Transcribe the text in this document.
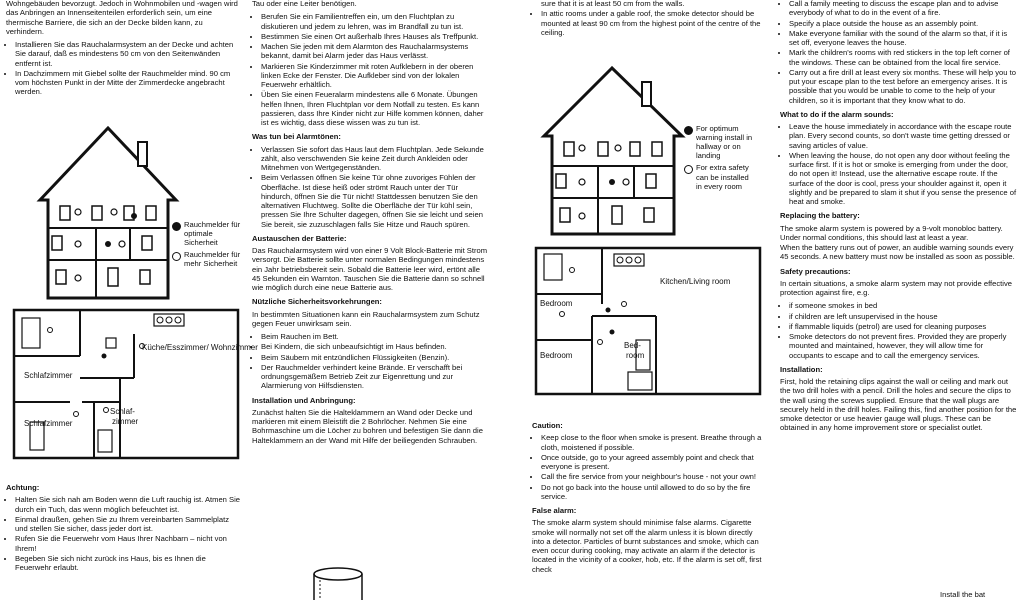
Wohngebäuden bevorzugt. Jedoch in Wohnmobilen und -wagen wird das Anbringen an Innenseitenteilen erforderlich sein, um eine thermische Barriere, die sich an der Decke bilden kann, zu verhindern.

• Installieren Sie das Rauchalarmsystem an der Decke und achten Sie darauf, daß es mindestens 50 cm von den Seitenwänden entfernt ist.
• In Dachzimmern mit Giebel sollte der Rauchmelder mind. 90 cm vom höchsten Punkt in der Mitte der Zimmerdecke angebracht werden.
Rauchmelder für optimale Sicherheit
Rauchmelder für mehr Sicherheit
Küche/Esszimmer/ Wohnzimmer
Schlafzimmer
Schlafzimmer
Schlaf-
zimmer
Achtung:
• Halten Sie sich nah am Boden wenn die Luft rauchig ist. Atmen Sie durch ein Tuch, das wenn möglich befeuchtet ist.
• Einmal draußen, gehen Sie zu Ihrem vereinbarten Sammelplatz und stellen Sie sicher, dass jeder dort ist.
• Rufen Sie die Feuerwehr vom Haus Ihrer Nachbarn – nicht von Ihrem!
• Begeben Sie sich nicht zurück ins Haus, bis es Ihnen die Feuerwehr erlaubt.

Tau oder eine Leiter benötigen.

• Berufen Sie ein Familientreffen ein, um den Fluchtplan zu diskutieren und jedem zu lehren, was im Brandfall zu tun ist.
• Bestimmen Sie einen Ort außerhalb Ihres Hauses als Treffpunkt.
• Machen Sie jeden mit dem Alarmton des Rauchalarmsystems bekannt, damit bei Alarm jeder das Haus verlässt.
• Markieren Sie Kinderzimmer mit roten Aufklebern in der oberen linken Ecke der Fenster. Die Aufkleber sind von der lokalen Feuerwehr erhältlich.
• Üben Sie einen Feueralarm mindestens alle 6 Monate. Übungen helfen Ihnen, Ihren Fluchtplan vor dem Notfall zu testen. Es kann passieren, dass Ihre Kinder nicht zur Hilfe kommen können, daher ist es wichtig, dass diese wissen was zu tun ist.
Was tun bei Alarmtönen:
• Verlassen Sie sofort das Haus laut dem Fluchtplan. Jede Sekunde zählt, also verschwenden Sie keine Zeit durch Ankleiden oder Mitnehmen von Wertgegenständen.
• Beim Verlassen öffnen Sie keine Tür ohne zuvoriges Fühlen der Oberfläche. Ist diese heiß oder strömt Rauch unter der Tür hindurch, öffnen Sie die Tür nicht! Stattdessen benutzen Sie den alternativen Fluchtweg. Sollte die Oberfläche der Tür kühl sein, pressen Sie Ihre Schulter dagegen, öffnen Sie sie leicht und seien Sie bereit, sie zuzuschlagen falls Sie Hitze und Rauch spüren.
Austauschen der Batterie:

Das Rauchalarmsystem wird von einer 9 Volt Block-Batterie mit Strom versorgt. Die Batterie sollte unter normalen Bedingungen mindestens ein Jahr betriebsbereit sein. Sobald die Batterie leer wird, ertönt alle 45 Sekunden ein Warnton. Tauschen Sie die Batterie dann so schnell wie möglich durch eine neue Batterie aus.

Nützliche Sicherheitsvorkehrungen:

In bestimmten Situationen kann ein Rauchalarmsystem zum Schutz gegen Feuer unwirksam sein.

• Beim Rauchen im Bett.
• Bei Kindern, die sich unbeaufsichtigt im Haus befinden.
• Beim Säubern mit entzündlichen Flüssigkeiten (Benzin).
• Der Rauchmelder verhindert keine Brände. Er verschafft bei ordnungsgemäßem Betrieb Zeit zur Eigenrettung und zur Alarmierung von Hilfsdiensten.
Installation und Anbringung:

Zunächst halten Sie die Halteklammern an Wand oder Decke und markieren mit einem Bleistift die 2 Bohrlöcher. Nehmen Sie eine Bohrmaschine um die Löcher zu bohren und befestigen Sie dann die Halteklammern an der Wand mit Hilfe der beiliegenden Schrauben.

sure that it is at least 50 cm from the walls.
• In attic rooms under a gable roof, the smoke detector should be mounted at least 90 cm from the highest point of the centre of the ceiling.
For optimum warning install in hallway or on landing
For extra safety can be installed in every room
Kitchen/Living room
Bedroom
Bedroom
Bed-
room
Caution:
• Keep close to the floor when smoke is present. Breathe through a cloth, moistened if possible.
• Once outside, go to your agreed assembly point and check that everyone is present.
• Call the fire service from your neighbour's house - not your own!
• Do not go back into the house until allowed to do so by the fire service.
False alarm:

The smoke alarm system should minimise false alarms. Cigarette smoke will normally not set off the alarm unless it is blown directly into a detector. Particles of burnt substances and smoke, which can even occur during cooking, may activate an alarm if the detector is located in the vicinity of a cooker, hob, etc. If the alarm is set off, first check

• Call a family meeting to discuss the escape plan and to advise everybody of what to do in the event of a fire.
• Specify a place outside the house as an assembly point.
• Make everyone familiar with the sound of the alarm so that, if it is set off, everyone leaves the house.
• Mark the children's rooms with red stickers in the top left corner of the windows. These can be obtained from the local fire service.
• Carry out a fire drill at least every six months. These will help you to put your escape plan to the test before an emergency arises. It is possible that you would be unable to come to the help of your children, so it is important that they know what to do.
What to do if the alarm sounds:
• Leave the house immediately in accordance with the escape route plan. Every second counts, so don't waste time getting dressed or saving articles of value.
• When leaving the house, do not open any door without feeling the surface first. If it is hot or smoke is emerging from under the door, do not open it! Instead, use the alternative escape route. If the surface of the door is cool, press your shoulder against it, open it slightly and be prepared to slam it shut if you sense the presence of heat and smoke.
Replacing the battery:

The smoke alarm system is powered by a 9-volt monobloc battery. Under normal conditions, this should last at least a year.

When the battery runs out of power, an audible warning sounds every 45 seconds. A new battery must now be installed as soon as possible.

Safety precautions:

In certain situations, a smoke alarm system may not provide effective protection against fire, e.g.

• if someone smokes in bed
• if children are left unsupervised in the house
• if flammable liquids (petrol) are used for cleaning purposes
• Smoke detectors do not prevent fires. Provided they are properly mounted and maintained, however, they will allow time for occupants to escape and to call the emergency services.
Installation:

First, hold the retaining clips against the wall or ceiling and mark out the two drill holes with a pencil. Drill the holes and secure the clips to the wall using the screws supplied. Ensure that the wall plugs are securely held in the drill holes. Failing this, find another position for the smoke detector or use heavier gauge wall plugs. These can be obtained in any home improvement store or specialist outlet.

Install the bat
